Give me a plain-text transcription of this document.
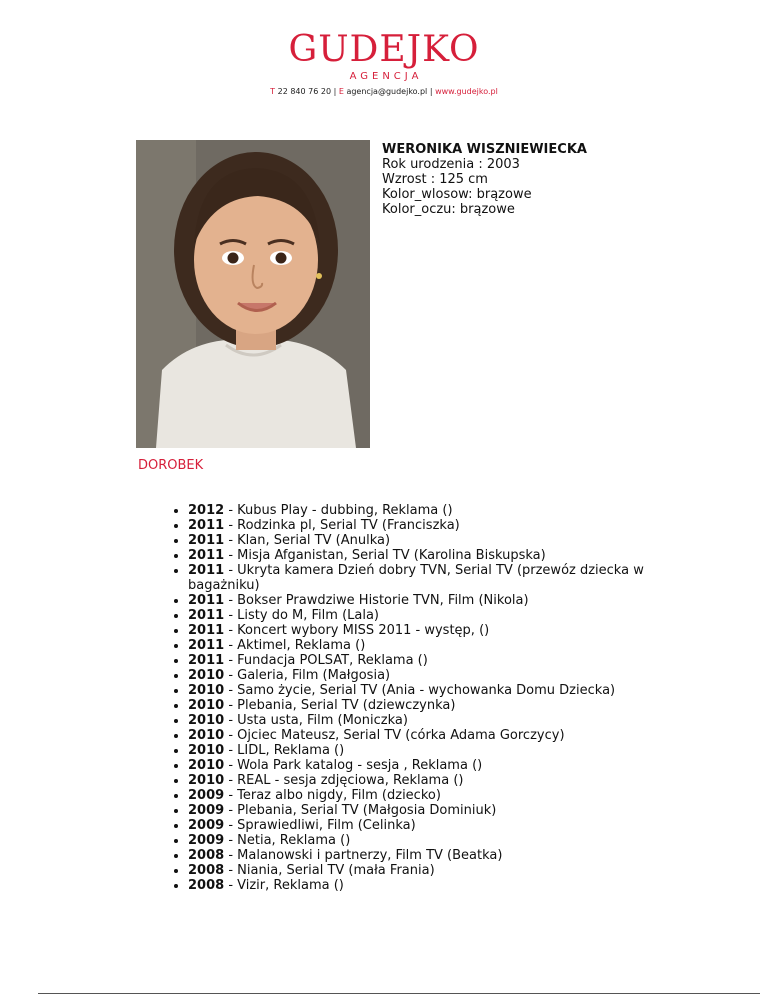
GUDEJKO
AGENCJA
T 22 840 76 20 | E agencja@gudejko.pl | www.gudejko.pl
WERONIKA WISZNIEWIECKA
Rok urodzenia : 2003
Wzrost : 125 cm
Kolor_wlosow: brązowe
Kolor_oczu: brązowe
DOROBEK
• 2012 - Kubus Play - dubbing, Reklama ()
• 2011 - Rodzinka pl, Serial TV (Franciszka)
• 2011 - Klan, Serial TV (Anulka)
• 2011 - Misja Afganistan, Serial TV (Karolina Biskupska)
• 2011 - Ukryta kamera Dzień dobry TVN, Serial TV (przewóz dziecka w bagażniku)
• 2011 - Bokser Prawdziwe Historie TVN, Film (Nikola)
• 2011 - Listy do M, Film (Lala)
• 2011 - Koncert wybory MISS 2011 - występ, ()
• 2011 - Aktimel, Reklama ()
• 2011 - Fundacja POLSAT, Reklama ()
• 2010 - Galeria, Film (Małgosia)
• 2010 - Samo życie, Serial TV (Ania - wychowanka Domu Dziecka)
• 2010 - Plebania, Serial TV (dziewczynka)
• 2010 - Usta usta, Film (Moniczka)
• 2010 - Ojciec Mateusz, Serial TV (córka Adama Gorczycy)
• 2010 - LIDL, Reklama ()
• 2010 - Wola Park katalog - sesja , Reklama ()
• 2010 - REAL - sesja zdjęciowa, Reklama ()
• 2009 - Teraz albo nigdy, Film (dziecko)
• 2009 - Plebania, Serial TV (Małgosia Dominiuk)
• 2009 - Sprawiedliwi, Film (Celinka)
• 2009 - Netia, Reklama ()
• 2008 - Malanowski i partnerzy, Film TV (Beatka)
• 2008 - Niania, Serial TV (mała Frania)
• 2008 - Vizir, Reklama ()
